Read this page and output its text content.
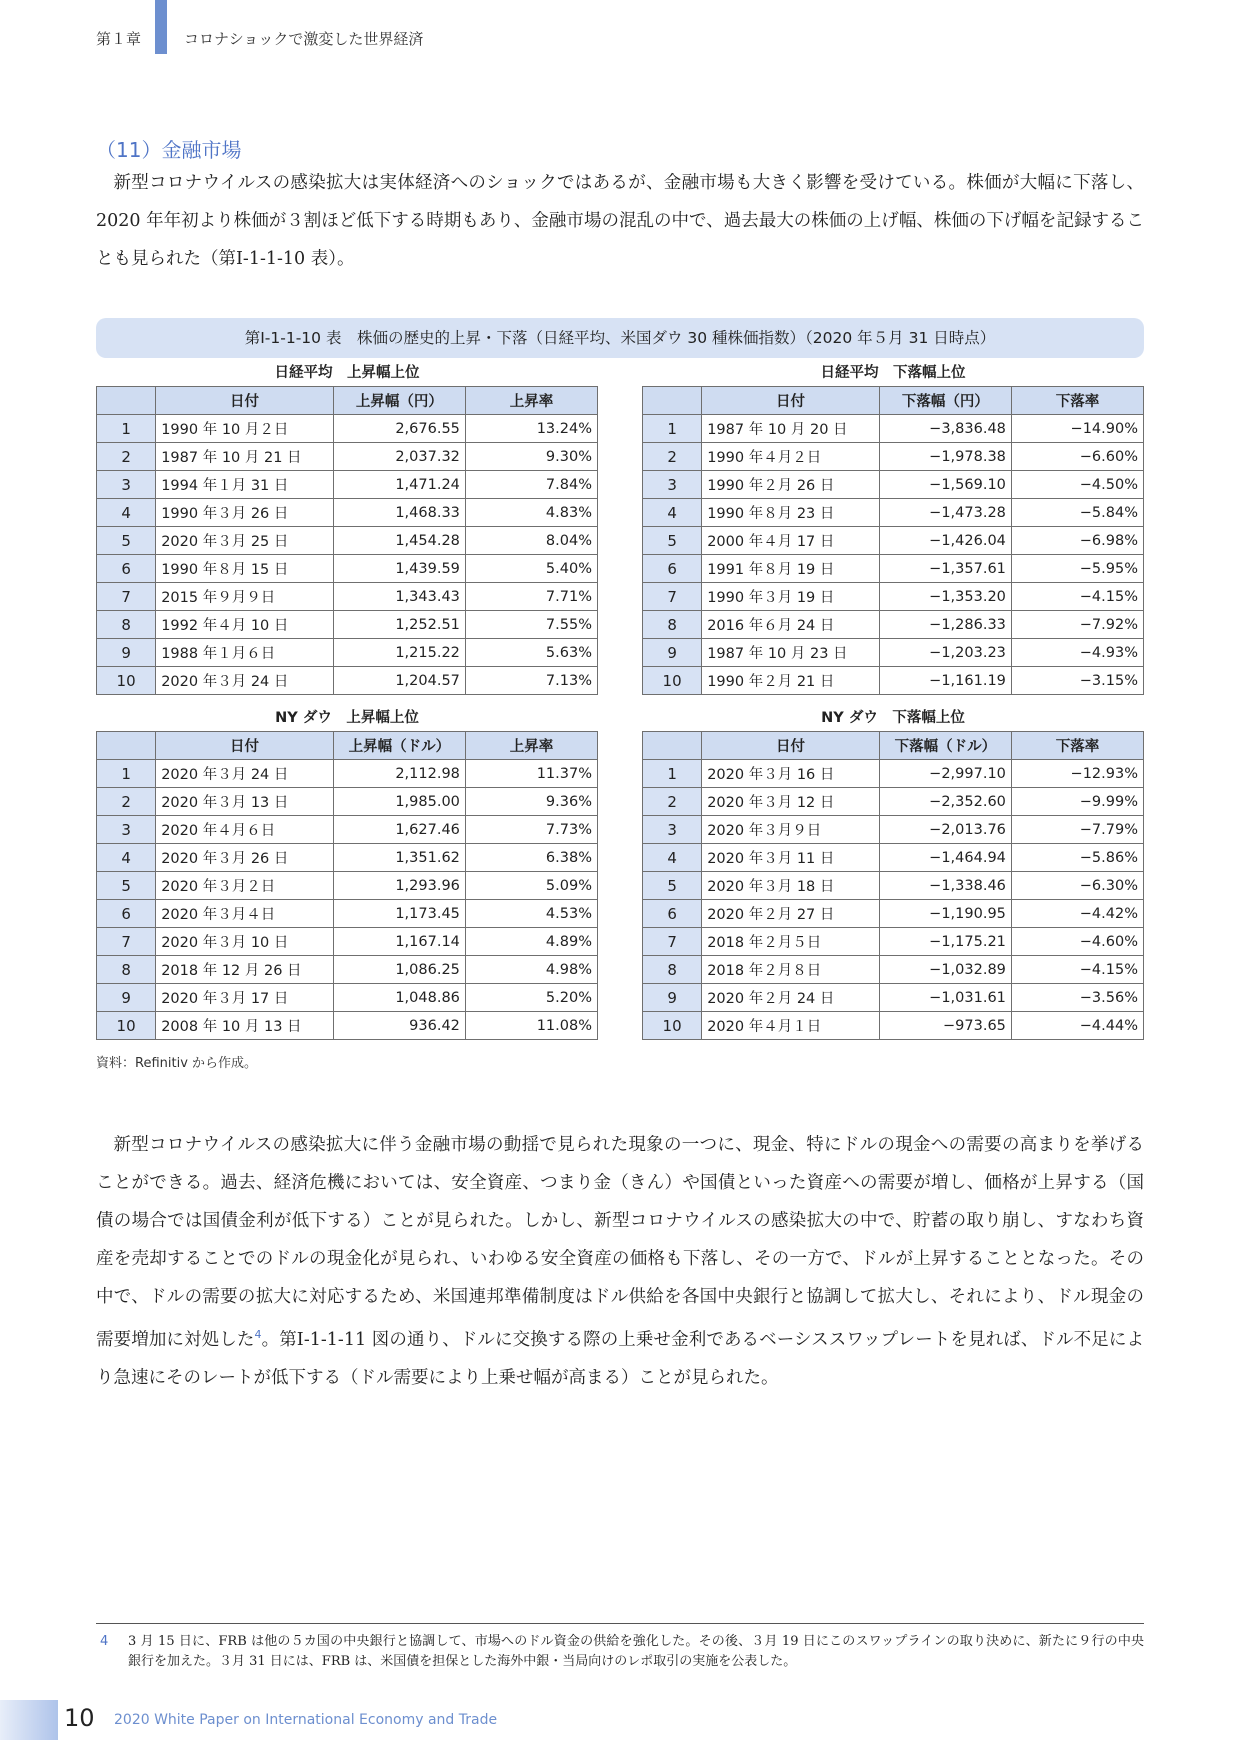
第１章	コロナショックで激変した世界経済
（11）金融市場

新型コロナウイルスの感染拡大は実体経済へのショックではあるが、金融市場も大きく影響を受けている。株価が大幅に下落し、2020 年年初より株価が３割ほど低下する時期もあり、金融市場の混乱の中で、過去最大の株価の上げ幅、株価の下げ幅を記録することも見られた（第Ⅰ-1-1-10 表）。

第Ⅰ-1-1-10 表　株価の歴史的上昇・下落（日経平均、米国ダウ 30 種株価指数）（2020 年５月 31 日時点）
日経平均　上昇幅上位
	日付	上昇幅（円）	上昇率
1	1990 年 10 月２日	2,676.55	13.24%
2	1987 年 10 月 21 日	2,037.32	9.30%
3	1994 年１月 31 日	1,471.24	7.84%
4	1990 年３月 26 日	1,468.33	4.83%
5	2020 年３月 25 日	1,454.28	8.04%
6	1990 年８月 15 日	1,439.59	5.40%
7	2015 年９月９日	1,343.43	7.71%
8	1992 年４月 10 日	1,252.51	7.55%
9	1988 年１月６日	1,215.22	5.63%
10	2020 年３月 24 日	1,204.57	7.13%
日経平均　下落幅上位
	日付	下落幅（円）	下落率
1	1987 年 10 月 20 日	−3,836.48	−14.90%
2	1990 年４月２日	−1,978.38	−6.60%
3	1990 年２月 26 日	−1,569.10	−4.50%
4	1990 年８月 23 日	−1,473.28	−5.84%
5	2000 年４月 17 日	−1,426.04	−6.98%
6	1991 年８月 19 日	−1,357.61	−5.95%
7	1990 年３月 19 日	−1,353.20	−4.15%
8	2016 年６月 24 日	−1,286.33	−7.92%
9	1987 年 10 月 23 日	−1,203.23	−4.93%
10	1990 年２月 21 日	−1,161.19	−3.15%
NY ダウ　上昇幅上位
	日付	上昇幅（ドル）	上昇率
1	2020 年３月 24 日	2,112.98	11.37%
2	2020 年３月 13 日	1,985.00	9.36%
3	2020 年４月６日	1,627.46	7.73%
4	2020 年３月 26 日	1,351.62	6.38%
5	2020 年３月２日	1,293.96	5.09%
6	2020 年３月４日	1,173.45	4.53%
7	2020 年３月 10 日	1,167.14	4.89%
8	2018 年 12 月 26 日	1,086.25	4.98%
9	2020 年３月 17 日	1,048.86	5.20%
10	2008 年 10 月 13 日	936.42	11.08%
NY ダウ　下落幅上位
	日付	下落幅（ドル）	下落率
1	2020 年３月 16 日	−2,997.10	−12.93%
2	2020 年３月 12 日	−2,352.60	−9.99%
3	2020 年３月９日	−2,013.76	−7.79%
4	2020 年３月 11 日	−1,464.94	−5.86%
5	2020 年３月 18 日	−1,338.46	−6.30%
6	2020 年２月 27 日	−1,190.95	−4.42%
7	2018 年２月５日	−1,175.21	−4.60%
8	2018 年２月８日	−1,032.89	−4.15%
9	2020 年２月 24 日	−1,031.61	−3.56%
10	2020 年４月１日	−973.65	−4.44%
資料：Refinitiv から作成。

新型コロナウイルスの感染拡大に伴う金融市場の動揺で見られた現象の一つに、現金、特にドルの現金への需要の高まりを挙げることができる。過去、経済危機においては、安全資産、つまり金（きん）や国債といった資産への需要が増し、価格が上昇する（国債の場合では国債金利が低下する）ことが見られた。しかし、新型コロナウイルスの感染拡大の中で、貯蓄の取り崩し、すなわち資産を売却することでのドルの現金化が見られ、いわゆる安全資産の価格も下落し、その一方で、ドルが上昇することとなった。その中で、ドルの需要の拡大に対応するため、米国連邦準備制度はドル供給を各国中央銀行と協調して拡大し、それにより、ドル現金の需要増加に対処した$^4$。第Ⅰ-1-1-11 図の通り、ドルに交換する際の上乗せ金利であるベーシススワップレートを見れば、ドル不足により急速にそのレートが低下する（ドル需要により上乗せ幅が高まる）ことが見られた。

4 3 月 15 日に、FRB は他の５カ国の中央銀行と協調して、市場へのドル資金の供給を強化した。その後、３月 19 日にこのスワップラインの取り決めに、新たに９行の中央銀行を加えた。３月 31 日には、FRB は、米国債を担保とした海外中銀・当局向けのレポ取引の実施を公表した。
10 2020 White Paper on International Economy and Trade
